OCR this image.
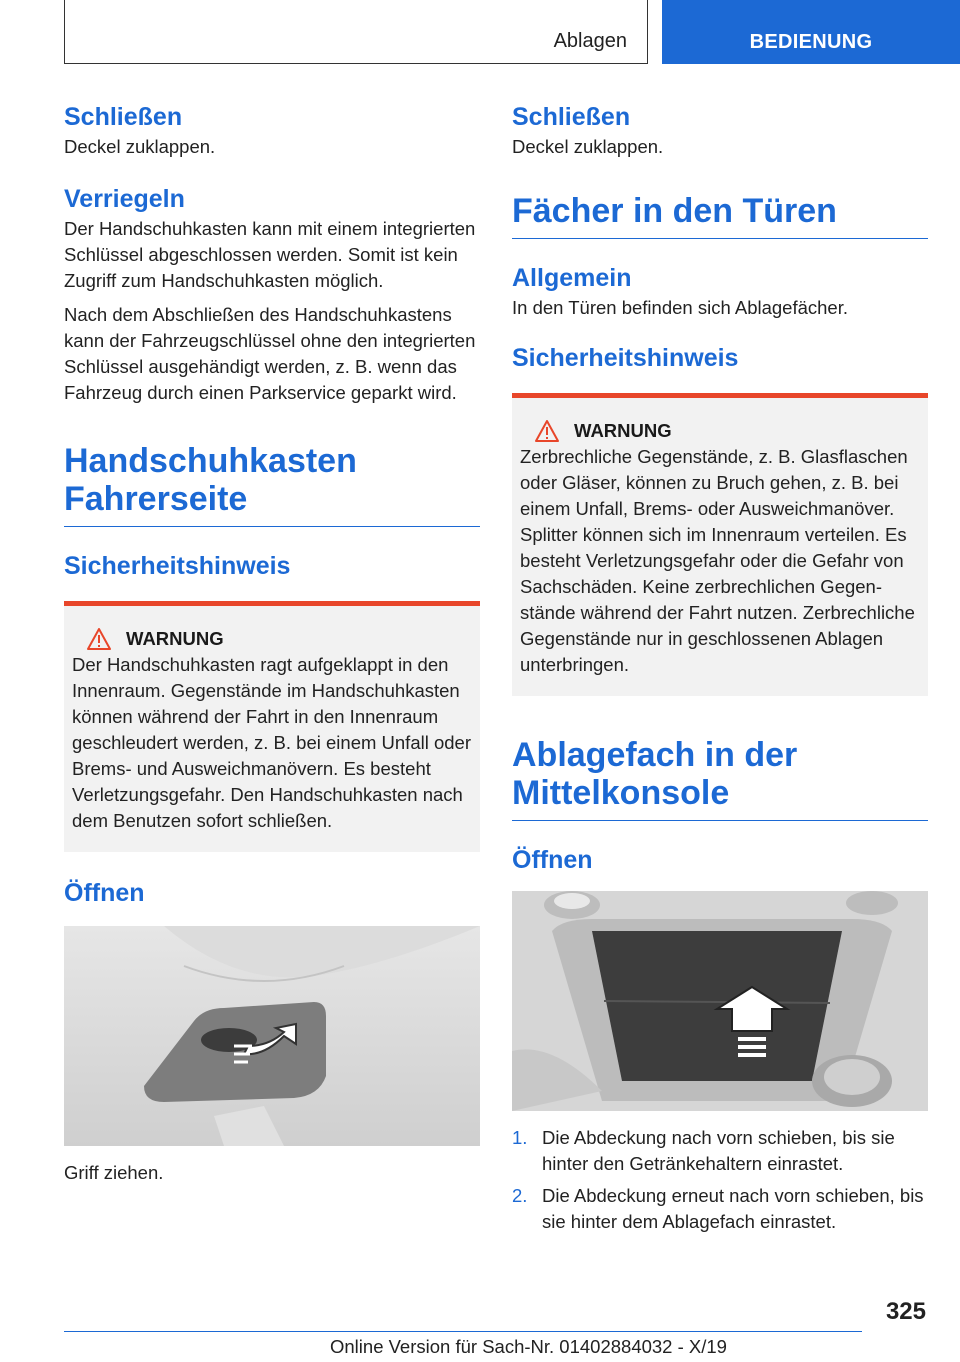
Ablagen	BEDIENUNG
Schließen

Deckel zuklappen.

Verriegeln

Der Handschuhkasten kann mit einem integrierten Schlüssel abgeschlossen werden. Somit ist kein Zugriff zum Handschuhkasten möglich.

Nach dem Abschließen des Handschuhkastens kann der Fahrzeugschlüssel ohne den integrierten Schlüssel ausgehändigt werden, z. B. wenn das Fahrzeug durch einen Parkservice geparkt wird.

Handschuhkasten Fahrerseite
Sicherheitshinweis
WARNUNG

Der Handschuhkasten ragt aufgeklappt in den Innenraum. Gegenstände im Handschuhkasten können während der Fahrt in den Innenraum geschleudert werden, z. B. bei einem Unfall oder Brems- und Ausweichmanövern. Es besteht Verletzungsgefahr. Den Handschuhkasten nach dem Benutzen sofort schließen.

Öffnen

Griff ziehen.

Schließen

Deckel zuklappen.

Fächer in den Türen
Allgemein

In den Türen befinden sich Ablagefächer.

Sicherheitshinweis
WARNUNG

Zerbrechliche Gegenstände, z. B. Glasflaschen oder Gläser, können zu Bruch gehen, z. B. bei einem Unfall, Brems- oder Ausweichmanöver. Splitter können sich im Innenraum verteilen. Es besteht Verletzungsgefahr oder die Gefahr von Sachschäden. Keine zerbrechlichen Gegenstände während der Fahrt nutzen. Zerbrechliche Gegenstände nur in geschlossenen Ablagen unterbringen.

Ablagefach in der Mittelkonsole
Öffnen
1. Die Abdeckung nach vorn schieben, bis sie hinter den Getränkehaltern einrastet.
2. Die Abdeckung erneut nach vorn schieben, bis sie hinter dem Ablagefach einrastet.
325
Online Version für Sach-Nr. 01402884032 - X/19
